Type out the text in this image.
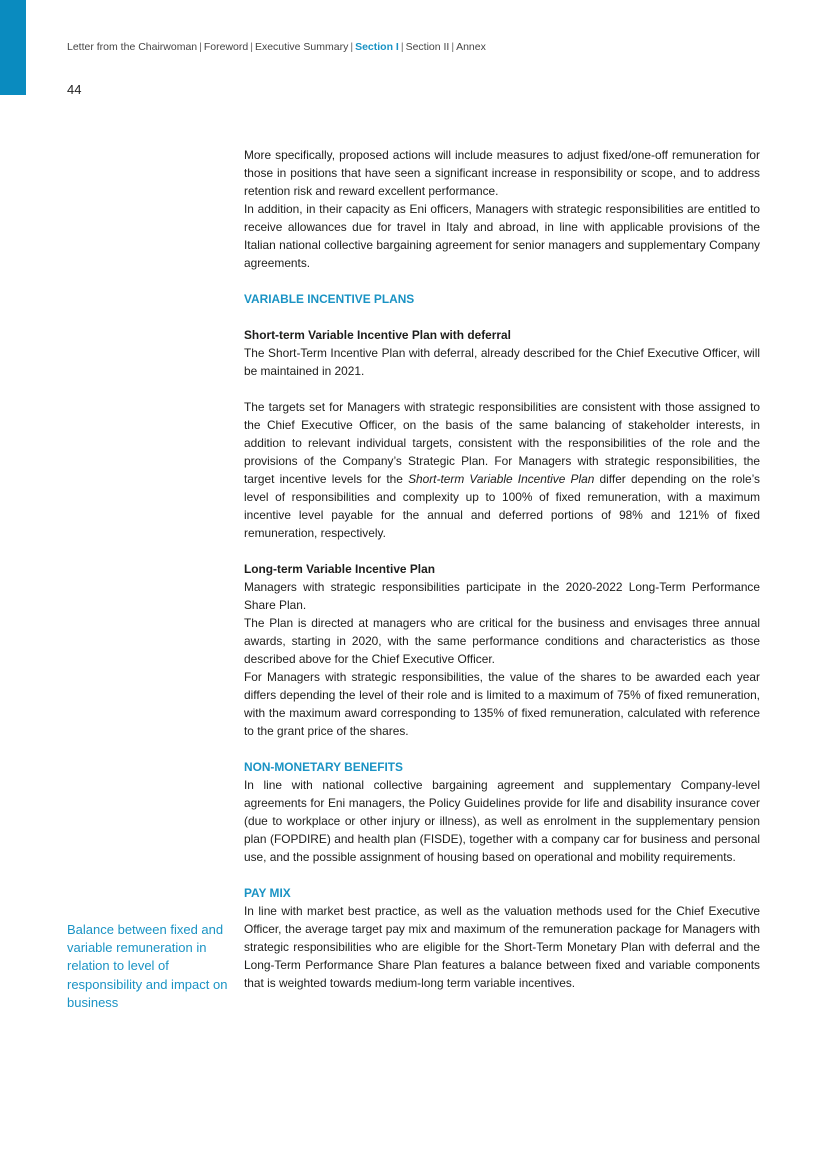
Letter from the Chairwoman | Foreword | Executive Summary | Section I | Section II | Annex
44
Balance between fixed and variable remuneration in relation to level of responsibility and impact on business

More specifically, proposed actions will include measures to adjust fixed/one-off remuneration for those in positions that have seen a significant increase in responsibility or scope, and to address retention risk and reward excellent performance.

In addition, in their capacity as Eni officers, Managers with strategic responsibilities are entitled to receive allowances due for travel in Italy and abroad, in line with applicable provisions of the Italian national collective bargaining agreement for senior managers and supplementary Company agreements.

VARIABLE INCENTIVE PLANS

Short-term Variable Incentive Plan with deferral

The Short-Term Incentive Plan with deferral, already described for the Chief Executive Officer, will be maintained in 2021.

The targets set for Managers with strategic responsibilities are consistent with those assigned to the Chief Executive Officer, on the basis of the same balancing of stakeholder interests, in addition to relevant individual targets, consistent with the responsibilities of the role and the provisions of the Company’s Strategic Plan. For Managers with strategic responsibilities, the target incentive levels for the Short-term Variable Incentive Plan differ depending on the role’s level of responsibilities and complexity up to 100% of fixed remuneration, with a maximum incentive level payable for the annual and deferred portions of 98% and 121% of fixed remuneration, respectively.

Long-term Variable Incentive Plan

Managers with strategic responsibilities participate in the 2020-2022 Long-Term Performance Share Plan.

The Plan is directed at managers who are critical for the business and envisages three annual awards, starting in 2020, with the same performance conditions and characteristics as those described above for the Chief Executive Officer.

For Managers with strategic responsibilities, the value of the shares to be awarded each year differs depending the level of their role and is limited to a maximum of 75% of fixed remuneration, with the maximum award corresponding to 135% of fixed remuneration, calculated with reference to the grant price of the shares.

NON-MONETARY BENEFITS

In line with national collective bargaining agreement and supplementary Company-level agreements for Eni managers, the Policy Guidelines provide for life and disability insurance cover (due to workplace or other injury or illness), as well as enrolment in the supplementary pension plan (FOPDIRE) and health plan (FISDE), together with a company car for business and personal use, and the possible assignment of housing based on operational and mobility requirements.

PAY MIX

In line with market best practice, as well as the valuation methods used for the Chief Executive Officer, the average target pay mix and maximum of the remuneration package for Managers with strategic responsibilities who are eligible for the Short-Term Monetary Plan with deferral and the Long-Term Performance Share Plan features a balance between fixed and variable components that is weighted towards medium-long term variable incentives.
